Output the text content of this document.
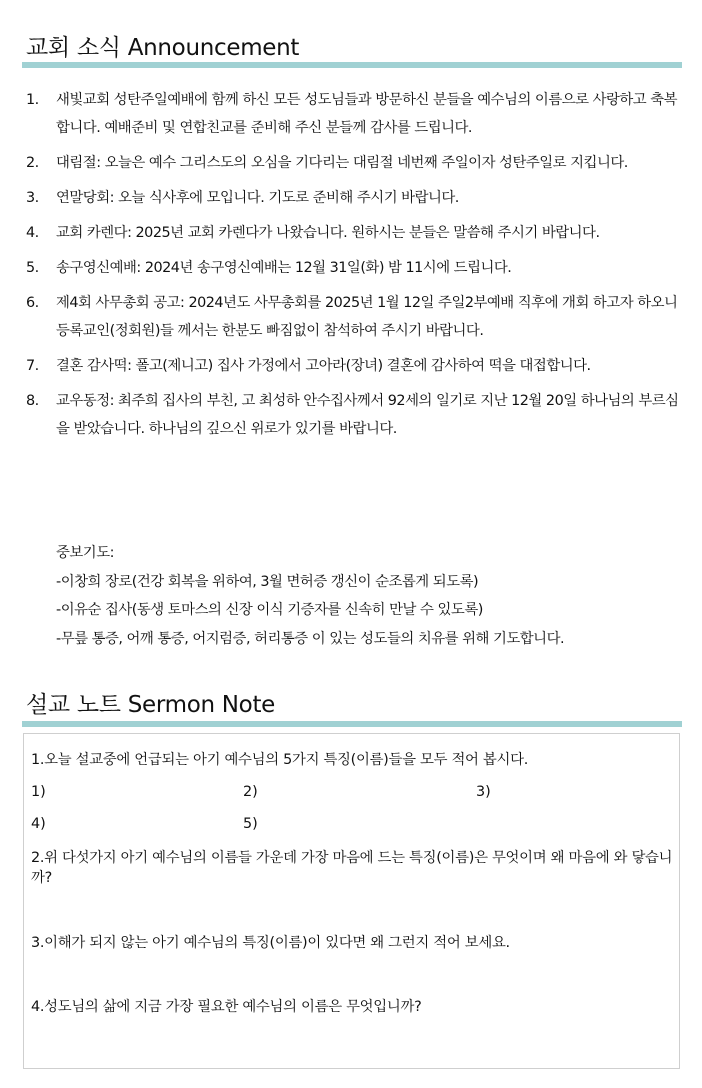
교회 소식 Announcement
1. 새빛교회 성탄주일예배에 함께 하신 모든 성도님들과 방문하신 분들을 예수님의 이름으로 사랑하고 축복합니다. 예배준비 및 연합친교를 준비해 주신 분들께 감사를 드립니다.
2. 대림절: 오늘은 예수 그리스도의 오심을 기다리는 대림절 네번째 주일이자 성탄주일로 지킵니다.
3. 연말당회: 오늘 식사후에 모입니다. 기도로 준비해 주시기 바랍니다.
4. 교회 카렌다: 2025년 교회 카렌다가 나왔습니다. 원하시는 분들은 말씀해 주시기 바랍니다.
5. 송구영신예배: 2024년 송구영신예배는 12월 31일(화) 밤 11시에 드립니다.
6. 제4회 사무총회 공고: 2024년도 사무총회를 2025년 1월 12일 주일2부예배 직후에 개회 하고자 하오니 등록교인(정회원)들 께서는 한분도 빠짐없이 참석하여 주시기 바랍니다.
7. 결혼 감사떡: 폴고(제니고) 집사 가정에서 고아라(장녀) 결혼에 감사하여 떡을 대접합니다.
8. 교우동정: 최주희 집사의 부친, 고 최성하 안수집사께서 92세의 일기로 지난 12월 20일 하나님의 부르심을 받았습니다. 하나님의 깊으신 위로가 있기를 바랍니다.
중보기도:
-이창희 장로(건강 회복을 위하여, 3월 면허증 갱신이 순조롭게 되도록)
-이유순 집사(동생 토마스의 신장 이식 기증자를 신속히 만날 수 있도록)
-무릎 통증, 어깨 통증, 어지럼증, 허리통증 이 있는 성도들의 치유를 위해 기도합니다.
설교 노트 Sermon Note
1.오늘 설교중에 언급되는 아기 예수님의 5가지 특징(이름)들을 모두 적어 봅시다.
1)	2)	3)
4)	5)
2.위 다섯가지 아기 예수님의 이름들 가운데 가장 마음에 드는 특징(이름)은 무엇이며 왜 마음에 와 닿습니까?
3.이해가 되지 않는 아기 예수님의 특징(이름)이 있다면 왜 그런지 적어 보세요.
4.성도님의 삶에 지금 가장 필요한 예수님의 이름은 무엇입니까?
